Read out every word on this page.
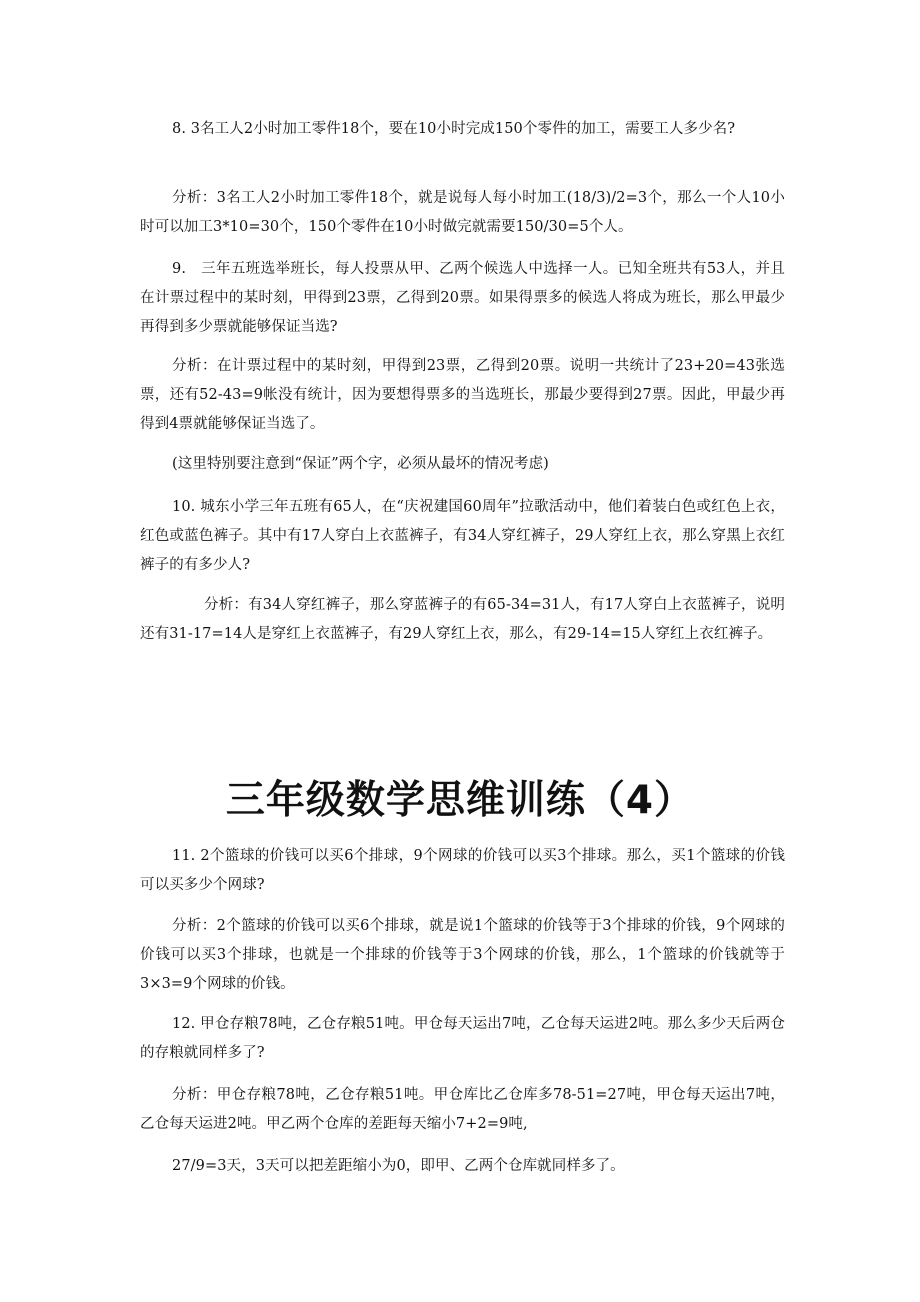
8. 3名工人2小时加工零件18个，要在10小时完成150个零件的加工，需要工人多少名?

分析：3名工人2小时加工零件18个，就是说每人每小时加工(18/3)/2=3个，那么一个人10小时可以加工3*10=30个，150个零件在10小时做完就需要150/30=5个人。

9.　三年五班选举班长，每人投票从甲、乙两个候选人中选择一人。已知全班共有53人，并且在计票过程中的某时刻，甲得到23票，乙得到20票。如果得票多的候选人将成为班长，那么甲最少再得到多少票就能够保证当选?

分析：在计票过程中的某时刻，甲得到23票，乙得到20票。说明一共统计了23+20=43张选票，还有52-43=9帐没有统计，因为要想得票多的当选班长，那最少要得到27票。因此，甲最少再得到4票就能够保证当选了。

(这里特别要注意到“保证”两个字，必须从最坏的情况考虑)

10. 城东小学三年五班有65人，在“庆祝建国60周年”拉歌活动中，他们着装白色或红色上衣，红色或蓝色裤子。其中有17人穿白上衣蓝裤子，有34人穿红裤子，29人穿红上衣，那么穿黑上衣红裤子的有多少人?

分析：有34人穿红裤子，那么穿蓝裤子的有65-34=31人，有17人穿白上衣蓝裤子，说明还有31-17=14人是穿红上衣蓝裤子，有29人穿红上衣，那么，有29-14=15人穿红上衣红裤子。

三年级数学思维训练（4）

11. 2个篮球的价钱可以买6个排球，9个网球的价钱可以买3个排球。那么，买1个篮球的价钱可以买多少个网球?

分析：2个篮球的价钱可以买6个排球，就是说1个篮球的价钱等于3个排球的价钱，9个网球的价钱可以买3个排球，也就是一个排球的价钱等于3个网球的价钱，那么，1个篮球的价钱就等于3×3=9个网球的价钱。

12. 甲仓存粮78吨，乙仓存粮51吨。甲仓每天运出7吨，乙仓每天运进2吨。那么多少天后两仓的存粮就同样多了?

分析：甲仓存粮78吨，乙仓存粮51吨。甲仓库比乙仓库多78-51=27吨，甲仓每天运出7吨，乙仓每天运进2吨。甲乙两个仓库的差距每天缩小7+2=9吨,

27/9=3天，3天可以把差距缩小为0，即甲、乙两个仓库就同样多了。
